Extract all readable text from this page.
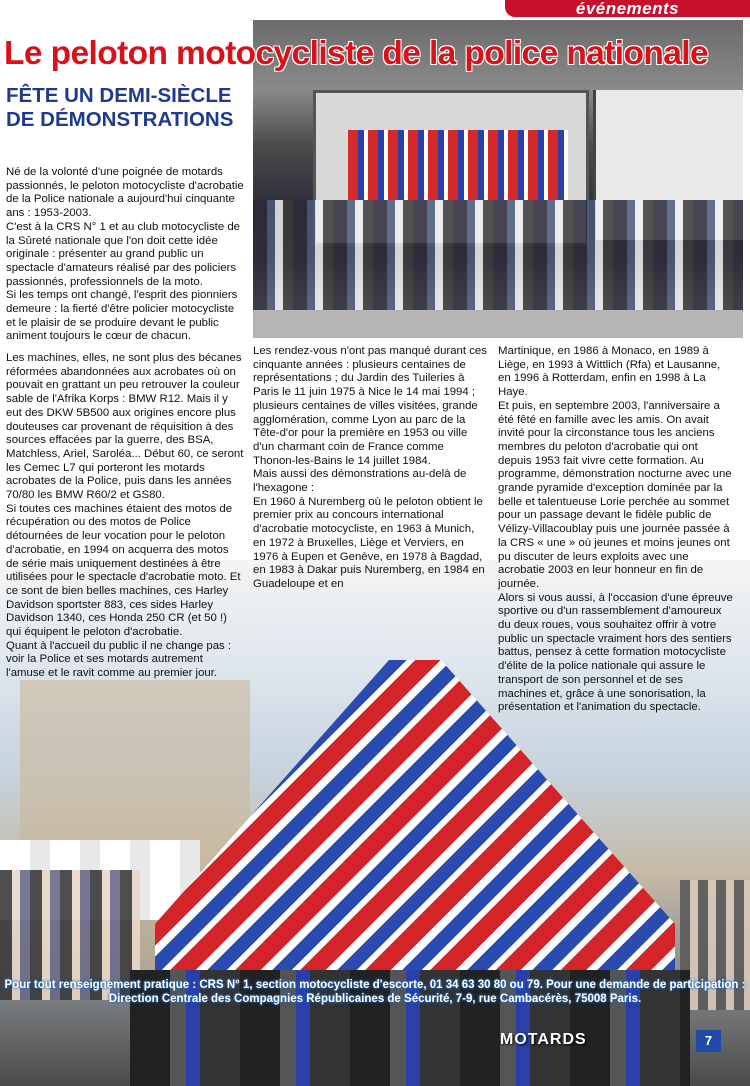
événements
Le peloton motocycliste de la police nationale
FÊTE UN DEMI-SIÈCLE
DE DÉMONSTRATIONS

Né de la volonté d'une poignée de motards passionnés, le peloton motocycliste d'acrobatie de la Police nationale a aujourd'hui cinquante ans : 1953-2003.

C'est à la CRS N° 1 et au club motocycliste de la Sûreté nationale que l'on doit cette idée originale : présenter au grand public un spectacle d'amateurs réalisé par des policiers passionnés, professionnels de la moto.

Si les temps ont changé, l'esprit des pionniers demeure : la fierté d'être policier motocycliste et le plaisir de se produire devant le public animent toujours le cœur de chacun.

Les machines, elles, ne sont plus des bécanes réformées abandonnées aux acrobates où on pouvait en grattant un peu retrouver la couleur sable de l'Afrika Korps : BMW R12. Mais il y eut des DKW 5B500 aux origines encore plus douteuses car provenant de réquisition à des sources effacées par la guerre, des BSA, Matchless, Ariel, Saroléa... Début 60, ce seront les Cemec L7 qui porteront les motards acrobates de la Police, puis dans les années 70/80 les BMW R60/2 et GS80.

Si toutes ces machines étaient des motos de récupération ou des motos de Police détournées de leur vocation pour le peloton d'acrobatie, en 1994 on acquerra des motos de série mais uniquement destinées à être utilisées pour le spectacle d'acrobatie moto. Et ce sont de bien belles machines, ces Harley Davidson sportster 883, ces sides Harley Davidson 1340, ces Honda 250 CR (et 50 !) qui équipent le peloton d'acrobatie.

Quant à l'accueil du public il ne change pas : voir la Police et ses motards autrement l'amuse et le ravit comme au premier jour.

Les rendez-vous n'ont pas manqué durant ces cinquante années : plusieurs centaines de représentations ; du Jardin des Tuileries à Paris le 11 juin 1975 à Nice le 14 mai 1994 ; plusieurs centaines de villes visitées, grande agglomération, comme Lyon au parc de la Tête-d'or pour la première en 1953 ou ville d'un charmant coin de France comme Thonon-les-Bains le 14 juillet 1984.

Mais aussi des démonstrations au-delà de l'hexagone :

En 1960 à Nuremberg où le peloton obtient le premier prix au concours international d'acrobatie motocycliste, en 1963 à Munich, en 1972 à Bruxelles, Liège et Verviers, en 1976 à Eupen et Genève, en 1978 à Bagdad, en 1983 à Dakar puis Nuremberg, en 1984 en Guadeloupe et en

Martinique, en 1986 à Monaco, en 1989 à Liège, en 1993 à Wittlich (Rfa) et Lausanne, en 1996 à Rotterdam, enfin en 1998 à La Haye.

Et puis, en septembre 2003, l'anniversaire a été fêté en famille avec les amis. On avait invité pour la circonstance tous les anciens membres du peloton d'acrobatie qui ont depuis 1953 fait vivre cette formation. Au programme, démonstration nocturne avec une grande pyramide d'exception dominée par la belle et talentueuse Lorie perchée au sommet pour un passage devant le fidèle public de Vélizy-Villacoublay puis une journée passée à la CRS « une » où jeunes et moins jeunes ont pu discuter de leurs exploits avec une acrobatie 2003 en leur honneur en fin de journée.

Alors si vous aussi, à l'occasion d'une épreuve sportive ou d'un rassemblement d'amoureux du deux roues, vous souhaitez offrir à votre public un spectacle vraiment hors des sentiers battus, pensez à cette formation motocycliste d'élite de la police nationale qui assure le transport de son personnel et de ses machines et, grâce à une sonorisation, la présentation et l'animation du spectacle.

Pour tout renseignement pratique : CRS N° 1, section motocycliste d'escorte, 01 34 63 30 80 ou 79. Pour une demande de participation :

Direction Centrale des Compagnies Républicaines de Sécurité, 7-9, rue Cambacérès, 75008 Paris.

MOTARDS	7
